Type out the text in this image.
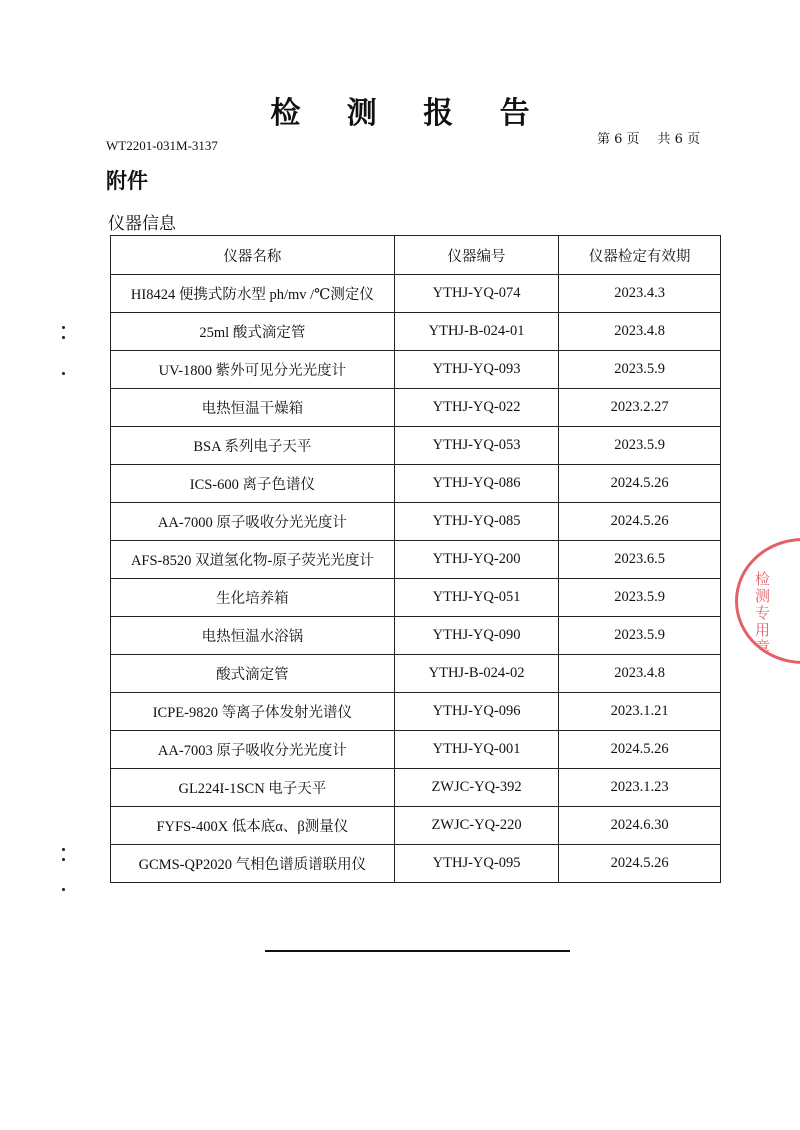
检 测 报 告
WT2201-031M-3137	第 6 页 共 6 页
附件
仪器信息
仪器名称	仪器编号	仪器检定有效期
HI8424 便携式防水型 ph/mv /℃测定仪	YTHJ-YQ-074	2023.4.3
25ml 酸式滴定管	YTHJ-B-024-01	2023.4.8
UV-1800 紫外可见分光光度计	YTHJ-YQ-093	2023.5.9
电热恒温干燥箱	YTHJ-YQ-022	2023.2.27
BSA 系列电子天平	YTHJ-YQ-053	2023.5.9
ICS-600 离子色谱仪	YTHJ-YQ-086	2024.5.26
AA-7000 原子吸收分光光度计	YTHJ-YQ-085	2024.5.26
AFS-8520 双道氢化物-原子荧光光度计	YTHJ-YQ-200	2023.6.5
生化培养箱	YTHJ-YQ-051	2023.5.9
电热恒温水浴锅	YTHJ-YQ-090	2023.5.9
酸式滴定管	YTHJ-B-024-02	2023.4.8
ICPE-9820 等离子体发射光谱仪	YTHJ-YQ-096	2023.1.21
AA-7003 原子吸收分光光度计	YTHJ-YQ-001	2024.5.26
GL224I-1SCN 电子天平	ZWJC-YQ-392	2023.1.23
FYFS-400X 低本底α、β测量仪	ZWJC-YQ-220	2024.6.30
GCMS-QP2020 气相色谱质谱联用仪	YTHJ-YQ-095	2024.5.26
检测专用章
